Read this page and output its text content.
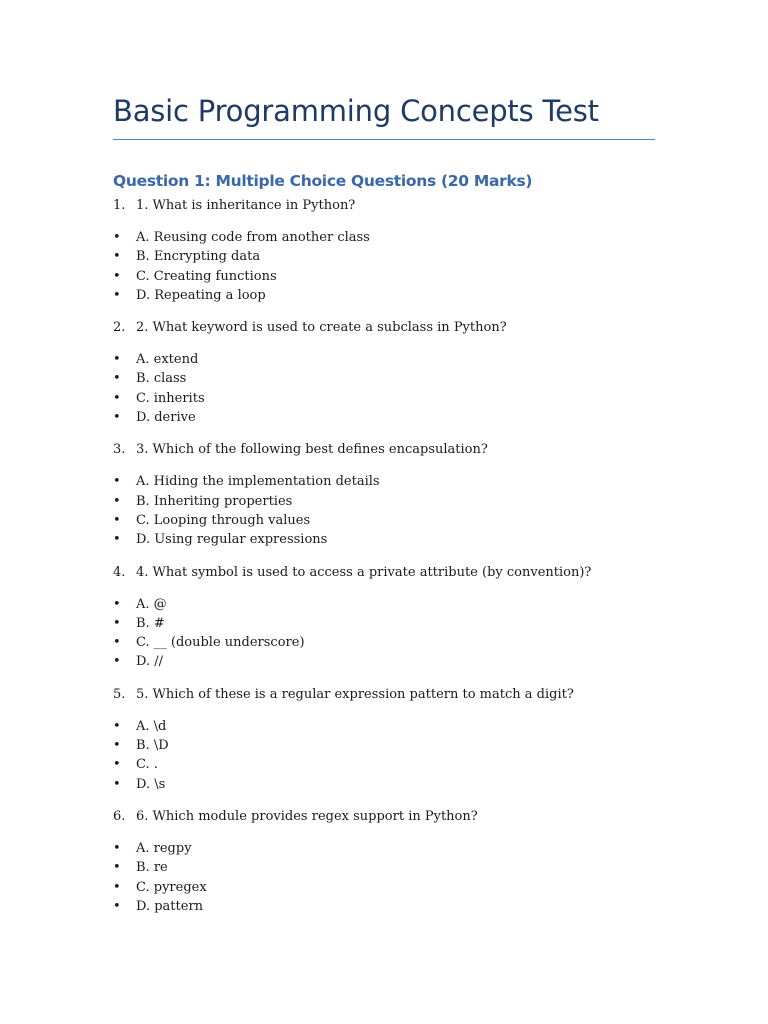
Basic Programming Concepts Test
Question 1: Multiple Choice Questions (20 Marks)
1. 1. What is inheritance in Python?
• A. Reusing code from another class
• B. Encrypting data
• C. Creating functions
• D. Repeating a loop
2. 2. What keyword is used to create a subclass in Python?
• A. extend
• B. class
• C. inherits
• D. derive
3. 3. Which of the following best defines encapsulation?
• A. Hiding the implementation details
• B. Inheriting properties
• C. Looping through values
• D. Using regular expressions
4. 4. What symbol is used to access a private attribute (by convention)?
• A. @
• B. #
• C. __ (double underscore)
• D. //
5. 5. Which of these is a regular expression pattern to match a digit?
• A. \d
• B. \D
• C. .
• D. \s
6. 6. Which module provides regex support in Python?
• A. regpy
• B. re
• C. pyregex
• D. pattern
